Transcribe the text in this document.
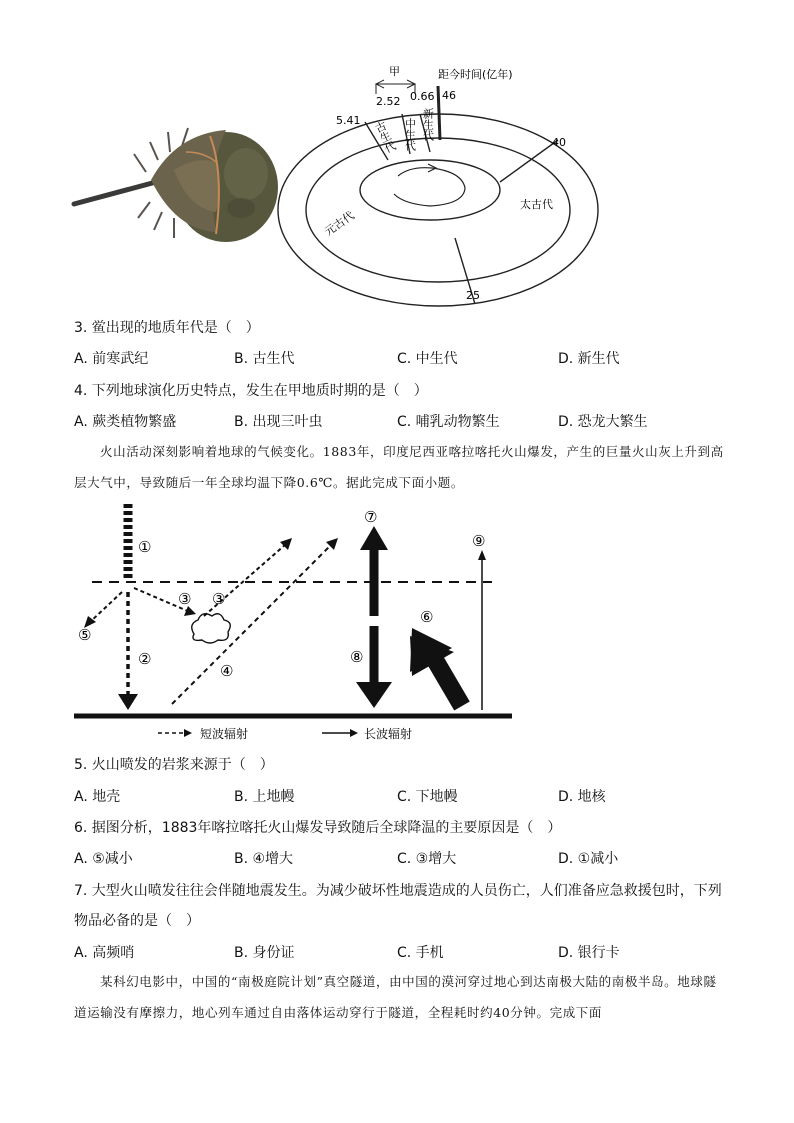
甲	距今时间(亿年)
5.41
2.52 0.66 46
40
25
古生代 中生代 新生代
太古代
元古代
3. 鲎出现的地质年代是（　）
A. 前寒武纪	B. 古生代	C. 中生代	D. 新生代
4. 下列地球演化历史特点，发生在甲地质时期的是（　）
A. 蕨类植物繁盛	B. 出现三叶虫	C. 哺乳动物繁生	D. 恐龙大繁生
火山活动深刻影响着地球的气候变化。1883年，印度尼西亚喀拉喀托火山爆发，产生的巨量火山灰上升到高层大气中，导致随后一年全球均温下降0.6℃。据此完成下面小题。
①
②
⑤
③ ③
④
⑦
⑧
⑥
⑨
短波辐射	长波辐射
5. 火山喷发的岩浆来源于（　）
A. 地壳	B. 上地幔	C. 下地幔	D. 地核
6. 据图分析，1883年喀拉喀托火山爆发导致随后全球降温的主要原因是（　）
A. ⑤减小	B. ④增大	C. ③增大	D. ①减小
7. 大型火山喷发往往会伴随地震发生。为减少破坏性地震造成的人员伤亡，人们准备应急救援包时，下列
物品必备的是（　）
A. 高频哨	B. 身份证	C. 手机	D. 银行卡
某科幻电影中，中国的“南极庭院计划”真空隧道，由中国的漠河穿过地心到达南极大陆的南极半岛。地球隧道运输没有摩擦力，地心列车通过自由落体运动穿行于隧道，全程耗时约40分钟。完成下面
